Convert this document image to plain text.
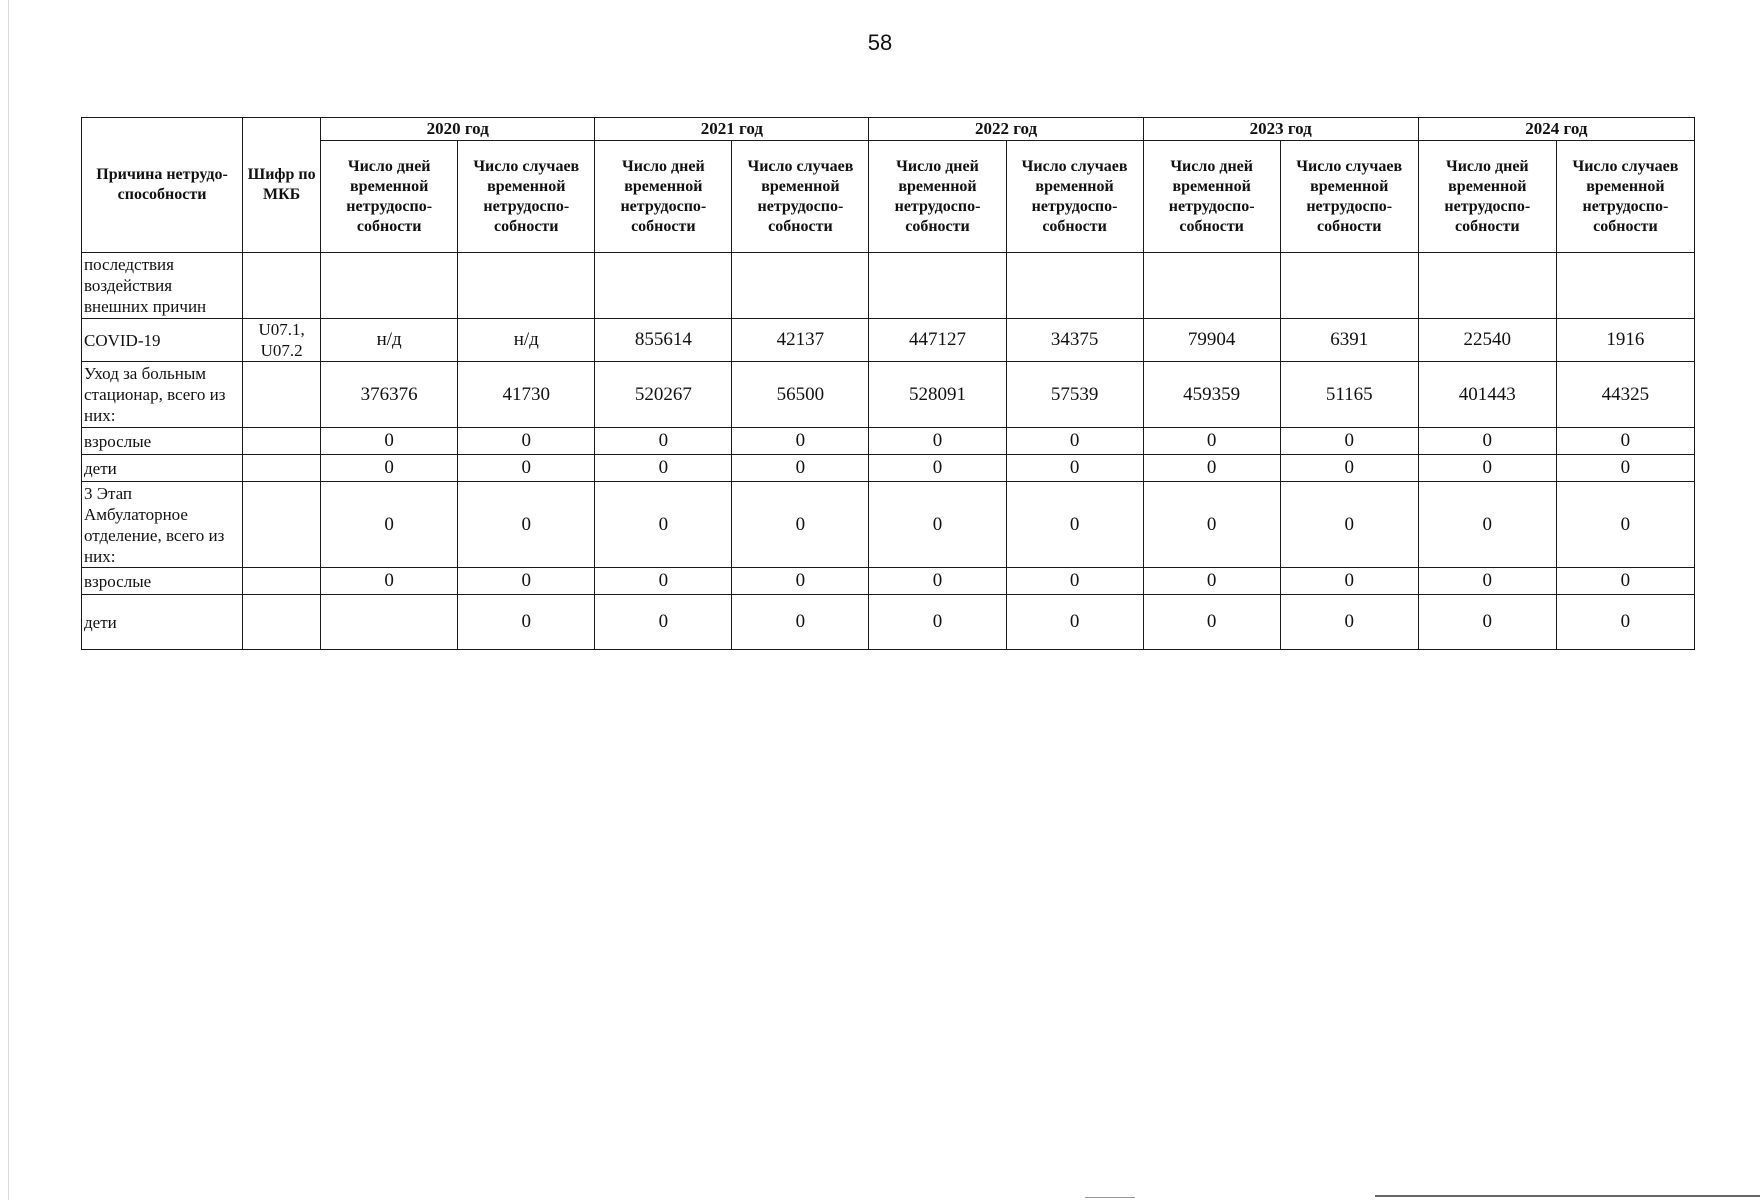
58
Причина нетрудо-способности	Шифр по МКБ	2020 год		2021 год		2022 год		2023 год		2024 год	
		Число дней временной нетрудоспо-собности	Число случаев временной нетрудоспо-собности	Число дней временной нетрудоспо-собности	Число случаев временной нетрудоспо-собности	Число дней временной нетрудоспо-собности	Число случаев временной нетрудоспо-собности	Число дней временной нетрудоспо-собности	Число случаев временной нетрудоспо-собности	Число дней временной нетрудоспо-собности	Число случаев временной нетрудоспо-собности
последствия воздействия внешних причин											
COVID-19	U07.1, U07.2	н/д	н/д	855614	42137	447127	34375	79904	6391	22540	1916
Уход за больным стационар, всего из них:		376376	41730	520267	56500	528091	57539	459359	51165	401443	44325
взрослые		0	0	0	0	0	0	0	0	0	0
дети		0	0	0	0	0	0	0	0	0	0
3 Этап Амбулаторное отделение, всего из них:		0	0	0	0	0	0	0	0	0	0
взрослые		0	0	0	0	0	0	0	0	0	0
дети			0	0	0	0	0	0	0	0	0
